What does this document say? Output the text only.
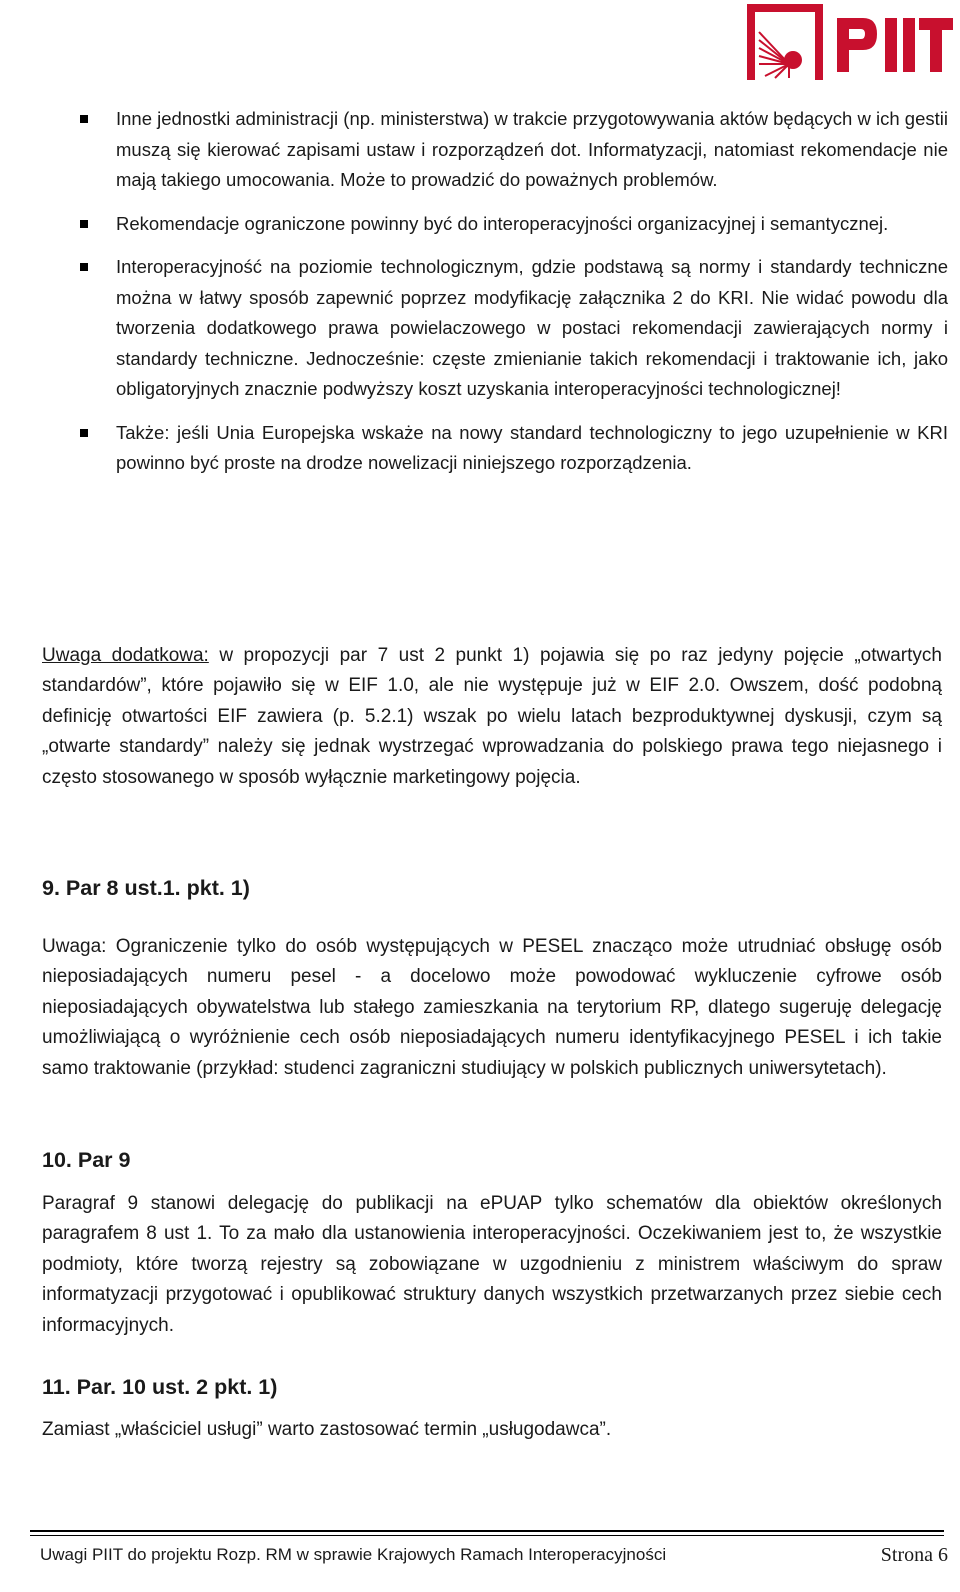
Inne jednostki administracji (np. ministerstwa) w trakcie przygotowywania aktów będących w ich gestii muszą się kierować zapisami ustaw i rozporządzeń dot. Informatyzacji, natomiast rekomendacje nie mają takiego umocowania. Może to prowadzić do poważnych problemów.
Rekomendacje ograniczone powinny być do interoperacyjności organizacyjnej i semantycznej.
Interoperacyjność na poziomie technologicznym, gdzie podstawą są normy i standardy techniczne można w łatwy sposób zapewnić poprzez modyfikację załącznika 2 do KRI. Nie widać powodu dla tworzenia dodatkowego prawa powielaczowego w postaci rekomendacji zawierających normy i standardy techniczne. Jednocześnie: częste zmienianie takich rekomendacji i traktowanie ich, jako obligatoryjnych znacznie podwyższy koszt uzyskania interoperacyjności technologicznej!
Także: jeśli Unia Europejska wskaże na nowy standard technologiczny to jego uzupełnienie w KRI powinno być proste na drodze nowelizacji niniejszego rozporządzenia.

Uwaga dodatkowa: w propozycji par 7 ust 2 punkt 1) pojawia się po raz jedyny pojęcie „otwartych standardów”, które pojawiło się w EIF 1.0, ale nie występuje już w EIF 2.0. Owszem, dość podobną definicję otwartości EIF zawiera (p. 5.2.1) wszak po wielu latach bezproduktywnej dyskusji, czym są „otwarte standardy” należy się jednak wystrzegać wprowadzania do polskiego prawa tego niejasnego i często stosowanego w sposób wyłącznie marketingowy pojęcia.

9. Par 8 ust.1. pkt. 1)

Uwaga: Ograniczenie tylko do osób występujących w PESEL znacząco może utrudniać obsługę osób nieposiadających numeru pesel - a docelowo może powodować wykluczenie cyfrowe osób nieposiadających obywatelstwa lub stałego zamieszkania na terytorium RP, dlatego sugeruję delegację umożliwiającą o wyróżnienie cech osób nieposiadających numeru identyfikacyjnego PESEL i ich takie samo traktowanie (przykład: studenci zagraniczni studiujący w polskich publicznych uniwersytetach).

10. Par 9

Paragraf 9 stanowi delegację do publikacji na ePUAP tylko schematów dla obiektów określonych paragrafem 8 ust 1. To za mało dla ustanowienia interoperacyjności. Oczekiwaniem jest to, że wszystkie podmioty, które tworzą rejestry są zobowiązane w uzgodnieniu z ministrem właściwym do spraw informatyzacji przygotować i opublikować struktury danych wszystkich przetwarzanych przez siebie cech informacyjnych.

11. Par. 10 ust. 2 pkt. 1)

Zamiast „właściciel usługi” warto zastosować termin „usługodawca”.

Uwagi PIIT do projektu Rozp. RM w sprawie Krajowych Ramach Interoperacyjności	Strona 6
